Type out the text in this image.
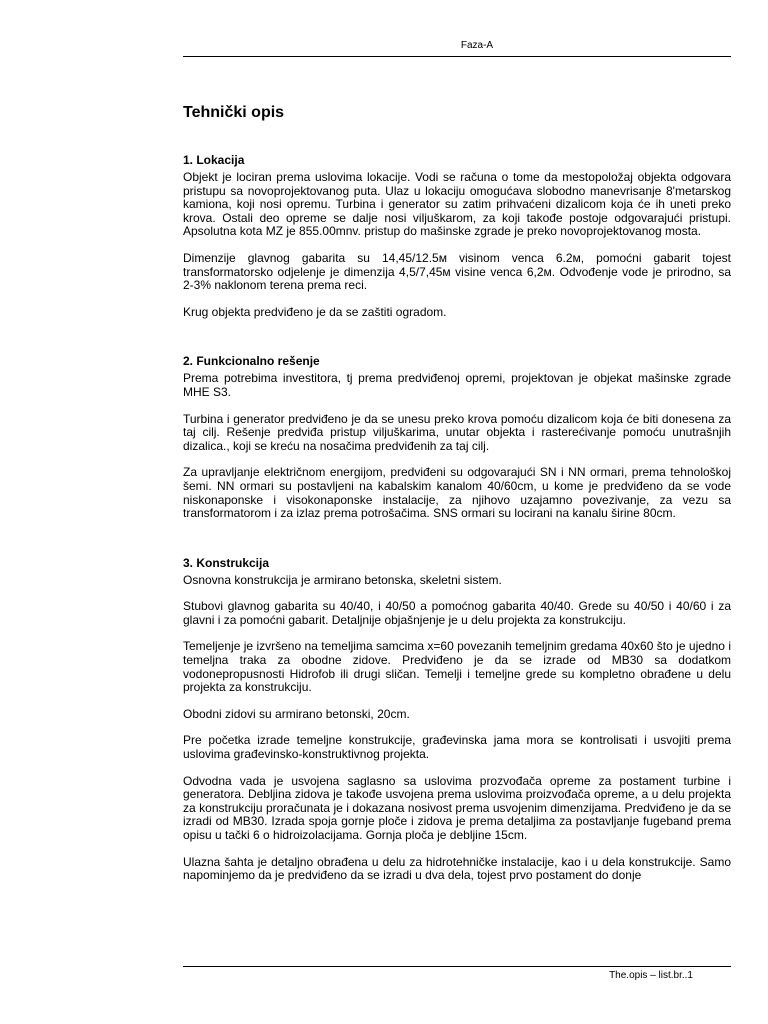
Faza-A
Tehnički opis
1. Lokacija

Objekt je lociran prema uslovima lokacije. Vodi se računa o tome da mestopoložaj objekta odgovara pristupu sa novoprojektovanog puta. Ulaz u lokaciju omogućava slobodno manevrisanje 8'metarskog kamiona, koji nosi opremu. Turbina i generator su zatim prihvaćeni dizalicom koja će ih uneti preko krova. Ostali deo opreme se dalje nosi viljuškarom, za koji takođe postoje odgovarajući pristupi. Apsolutna kota MZ je 855.00mnv. pristup do mašinske zgrade je preko novoprojektovanog mosta.

Dimenzije glavnog gabarita su 14,45/12.5м visinom venca 6.2м, pomoćni gabarit tojest transformatorsko odjelenje je dimenzija 4,5/7,45м visine venca 6,2м. Odvođenje vode je prirodno, sa 2-3% naklonom terena prema reci.

Krug objekta predviđeno je da se zaštiti ogradom.

2. Funkcionalno rešenje

Prema potrebima investitora, tj prema predviđenoj opremi, projektovan je objekat mašinske zgrade MHE S3.

Turbina i generator predviđeno je da se unesu preko krova pomoću dizalicom koja će biti donesena za taj cilj. Rešenje predviđa pristup viljuškarima, unutar objekta i rasterećivanje pomoću unutrašnjih dizalica., koji se kreću na nosačima predviđenih za taj cilj.

Za upravljanje električnom energijom, predviđeni su odgovarajući SN i NN ormari, prema tehnološkoj šemi. NN ormari su postavljeni na kabalskim kanalom 40/60cm, u kome je predviđeno da se vode niskonaponske i visokonaponske instalacije, za njihovo uzajamno povezivanje, za vezu sa transformatorom i za izlaz prema potrošačima. SNS ormari su locirani na kanalu širine 80cm.

3. Konstrukcija

Osnovna konstrukcija je armirano betonska, skeletni sistem.

Stubovi glavnog gabarita su 40/40, i 40/50 a pomoćnog gabarita 40/40. Grede su 40/50 i 40/60 i za glavni i za pomoćni gabarit. Detaljnije objašnjenje je u delu projekta za konstrukciju.

Temeljenje je izvršeno na temeljima samcima x=60 povezanih temeljnim gredama 40x60 što je ujedno i temeljna traka za obodne zidove. Predviđeno je da se izrade od MB30 sa dodatkom vodonepropusnosti Hidrofob ili drugi sličan. Temelji i temeljne grede su kompletno obrađene u delu projekta za konstrukciju.

Obodni zidovi su armirano betonski, 20cm.

Pre početka izrade temeljne konstrukcije, građevinska jama mora se kontrolisati i usvojiti prema uslovima građevinsko-konstruktivnog projekta.

Odvodna vada je usvojena saglasno sa uslovima prozvođača opreme za postament turbine i generatora. Debljina zidova je takođe usvojena prema uslovima proizvođača opreme, a u delu projekta za konstrukciju proračunata je i dokazana nosivost prema usvojenim dimenzijama. Predviđeno je da se izradi od MB30. Izrada spoja gornje ploče i zidova je prema detaljima za postavljanje fugeband prema opisu u tački 6 o hidroizolacijama. Gornja ploča je debljine 15cm.

Ulazna šahta je detaljno obrađena u delu za hidrotehničke instalacije, kao i u dela konstrukcije. Samo napominjemo da je predviđeno da se izradi u dva dela, tojest prvo postament do donje

The.opis – list.br..1
